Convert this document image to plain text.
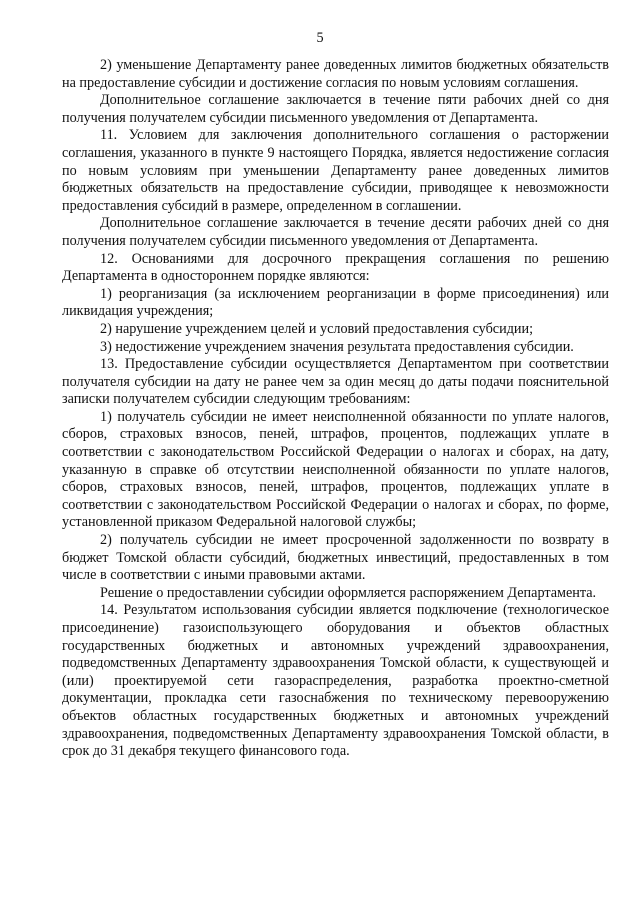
5

2) уменьшение Департаменту ранее доведенных лимитов бюджетных обязательств на предоставление субсидии и достижение согласия по новым условиям соглашения.

Дополнительное соглашение заключается в течение пяти рабочих дней со дня получения получателем субсидии письменного уведомления от Департамента.

11. Условием для заключения дополнительного соглашения о расторжении соглашения, указанного в пункте 9 настоящего Порядка, является недостижение согласия по новым условиям при уменьшении Департаменту ранее доведенных лимитов бюджетных обязательств на предоставление субсидии, приводящее к невозможности предоставления субсидий в размере, определенном в соглашении.

Дополнительное соглашение заключается в течение десяти рабочих дней со дня получения получателем субсидии письменного уведомления от Департамента.

12. Основаниями для досрочного прекращения соглашения по решению Департамента в одностороннем порядке являются:

1) реорганизация (за исключением реорганизации в форме присоединения) или ликвидация учреждения;

2) нарушение учреждением целей и условий предоставления субсидии;

3) недостижение учреждением значения результата предоставления субсидии.

13. Предоставление субсидии осуществляется Департаментом при соответствии получателя субсидии на дату не ранее чем за один месяц до даты подачи пояснительной записки получателем субсидии следующим требованиям:

1) получатель субсидии не имеет неисполненной обязанности по уплате налогов, сборов, страховых взносов, пеней, штрафов, процентов, подлежащих уплате в соответствии с законодательством Российской Федерации о налогах и сборах, на дату, указанную в справке об отсутствии неисполненной обязанности по уплате налогов, сборов, страховых взносов, пеней, штрафов, процентов, подлежащих уплате в соответствии с законодательством Российской Федерации о налогах и сборах, по форме, установленной приказом Федеральной налоговой службы;

2) получатель субсидии не имеет просроченной задолженности по возврату в бюджет Томской области субсидий, бюджетных инвестиций, предоставленных в том числе в соответствии с иными правовыми актами.

Решение о предоставлении субсидии оформляется распоряжением Департамента.

14. Результатом использования субсидии является подключение (технологическое присоединение) газоиспользующего оборудования и объектов областных государственных бюджетных и автономных учреждений здравоохранения, подведомственных Департаменту здравоохранения Томской области, к существующей и (или) проектируемой сети газораспределения, разработка проектно-сметной документации, прокладка сети газоснабжения по техническому перевооружению объектов областных государственных бюджетных и автономных учреждений здравоохранения, подведомственных Департаменту здравоохранения Томской области, в срок до 31 декабря текущего финансового года.
